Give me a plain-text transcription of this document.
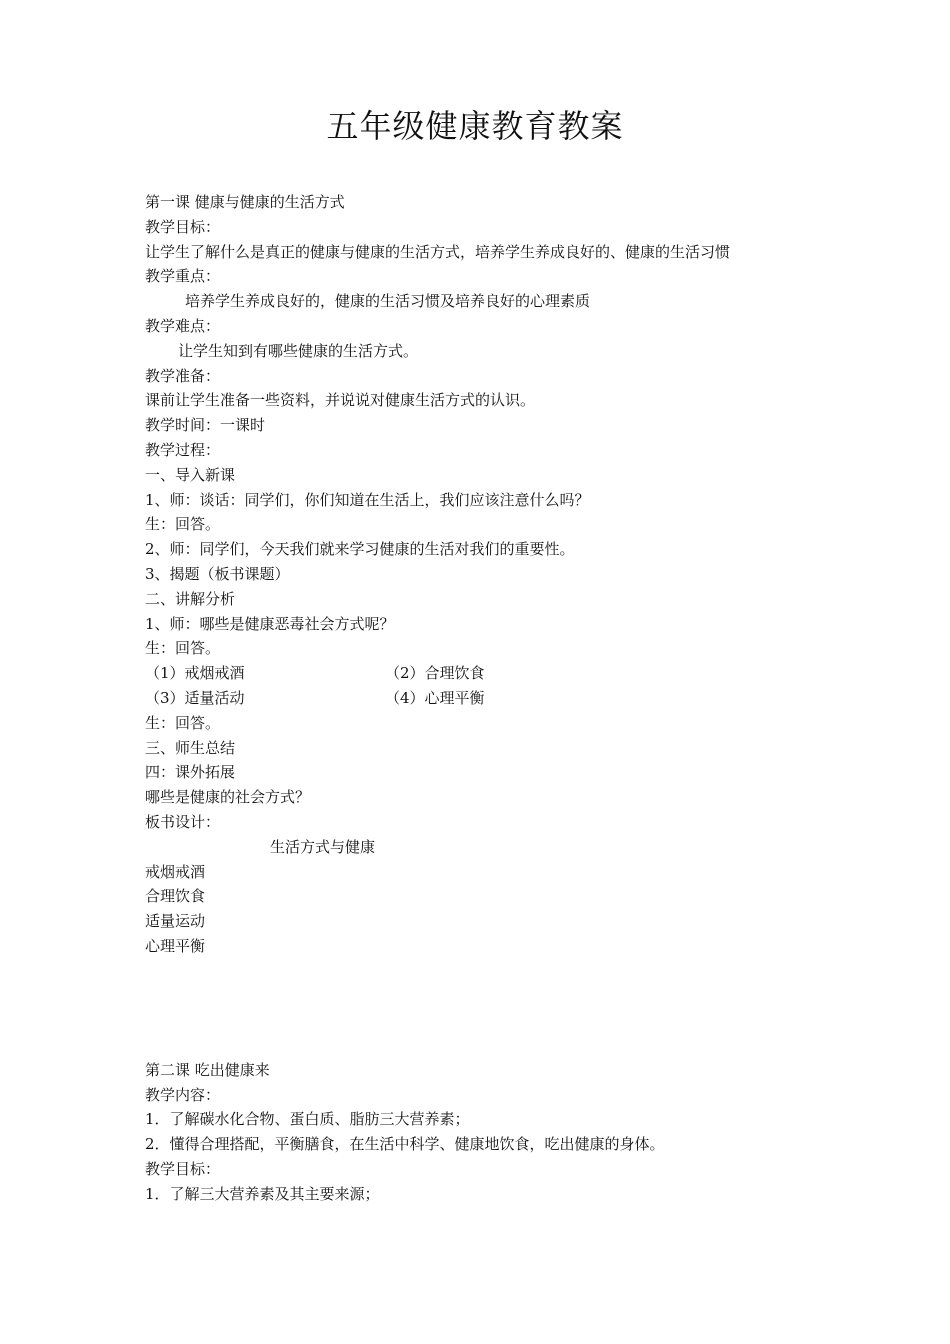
五年级健康教育教案
第一课 健康与健康的生活方式
教学目标：
让学生了解什么是真正的健康与健康的生活方式，培养学生养成良好的、健康的生活习惯
教学重点：
培养学生养成良好的，健康的生活习惯及培养良好的心理素质
教学难点：
让学生知到有哪些健康的生活方式。
教学准备：
课前让学生准备一些资料，并说说对健康生活方式的认识。
教学时间：一课时
教学过程：
一、导入新课
1、师：谈话：同学们，你们知道在生活上，我们应该注意什么吗？
生：回答。
2、师：同学们，今天我们就来学习健康的生活对我们的重要性。
3、揭题（板书课题）
二、讲解分析
1、师：哪些是健康恶毒社会方式呢？
生：回答。
（1）戒烟戒酒	（2）合理饮食
（3）适量活动	（4）心理平衡
生：回答。
三、师生总结
四：课外拓展
哪些是健康的社会方式？
板书设计：
生活方式与健康
戒烟戒酒
合理饮食
适量运动
心理平衡
第二课 吃出健康来
教学内容：
1．了解碳水化合物、蛋白质、脂肪三大营养素；
2．懂得合理搭配，平衡膳食，在生活中科学、健康地饮食，吃出健康的身体。
教学目标：
1．了解三大营养素及其主要来源；
